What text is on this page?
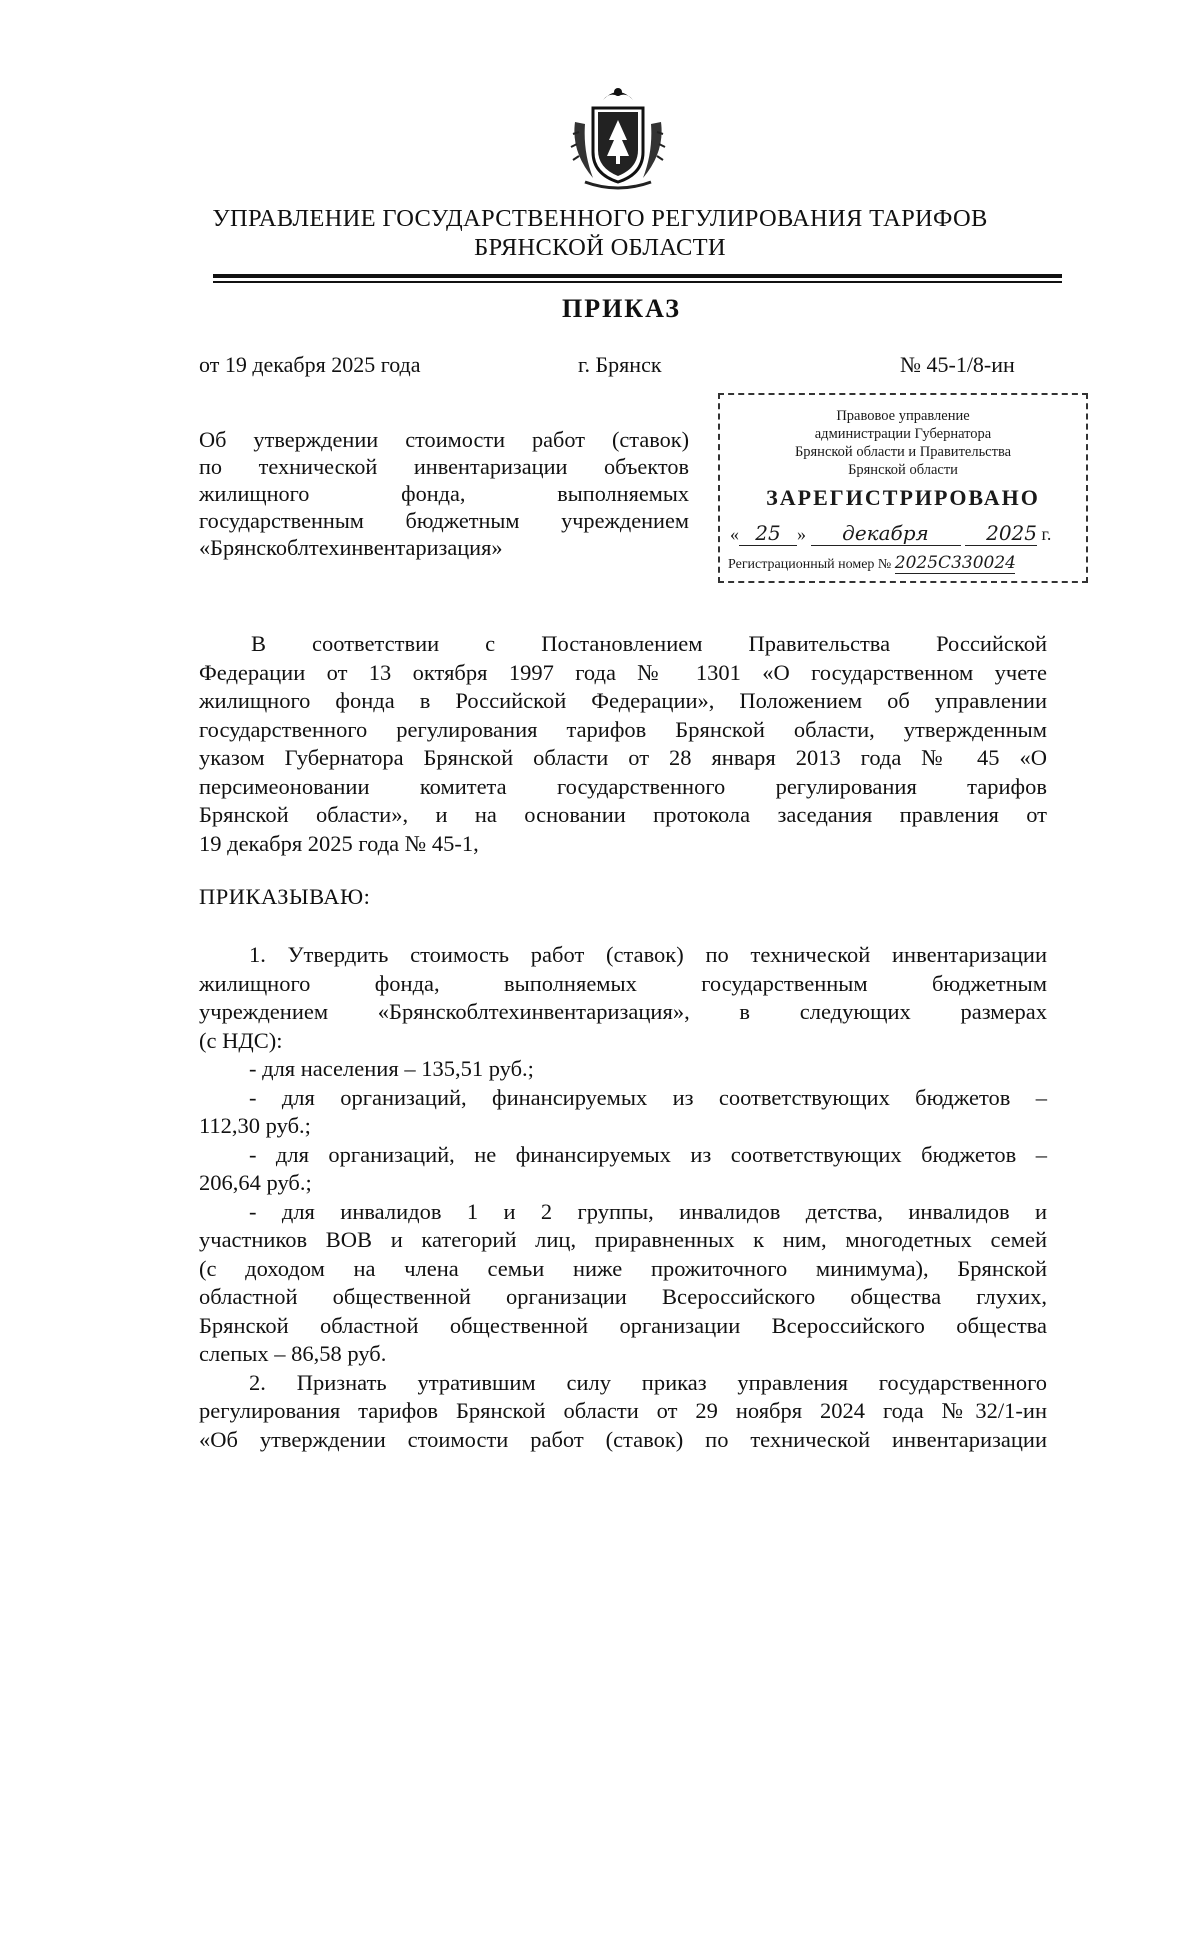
УПРАВЛЕНИЕ ГОСУДАРСТВЕННОГО РЕГУЛИРОВАНИЯ ТАРИФОВ
БРЯНСКОЙ ОБЛАСТИ
ПРИКАЗ
от 19 декабря 2025 года	г. Брянск	№ 45-1/8-ин
Об утверждении стоимости работ (ставок)
по технической инвентаризации объектов
жилищного фонда, выполняемых
государственным бюджетным учреждением
«Брянскоблтехинвентаризация»
Правовое управление
администрации Губернатора
Брянской области и Правительства
Брянской области
ЗАРЕГИСТРИРОВАНО
« 25 » декабря	2025 г.
Регистрационный номер № 2025С330024
В соответствии с Постановлением Правительства Российской
Федерации от 13 октября 1997 года № 1301 «О государственном учете
жилищного фонда в Российской Федерации», Положением об управлении
государственного регулирования тарифов Брянской области, утвержденным
указом Губернатора Брянской области от 28 января 2013 года № 45 «О
персимеоновании комитета государственного регулирования тарифов
Брянской области», и на основании протокола заседания правления от
19 декабря 2025 года № 45-1,
ПРИКАЗЫВАЮ:
1. Утвердить стоимость работ (ставок) по технической инвентаризации
жилищного фонда, выполняемых государственным бюджетным
учреждением «Брянскоблтехинвентаризация», в следующих размерах
(с НДС):
- для населения – 135,51 руб.;
- для организаций, финансируемых из соответствующих бюджетов –
112,30 руб.;
- для организаций, не финансируемых из соответствующих бюджетов –
206,64 руб.;
- для инвалидов 1 и 2 группы, инвалидов детства, инвалидов и
участников ВОВ и категорий лиц, приравненных к ним, многодетных семей
(с доходом на члена семьи ниже прожиточного минимума), Брянской
областной общественной организации Всероссийского общества глухих,
Брянской областной общественной организации Всероссийского общества
слепых – 86,58 руб.
2. Признать утратившим силу приказ управления государственного
регулирования тарифов Брянской области от 29 ноября 2024 года №32/1-ин
«Об утверждении стоимости работ (ставок) по технической инвентаризации
